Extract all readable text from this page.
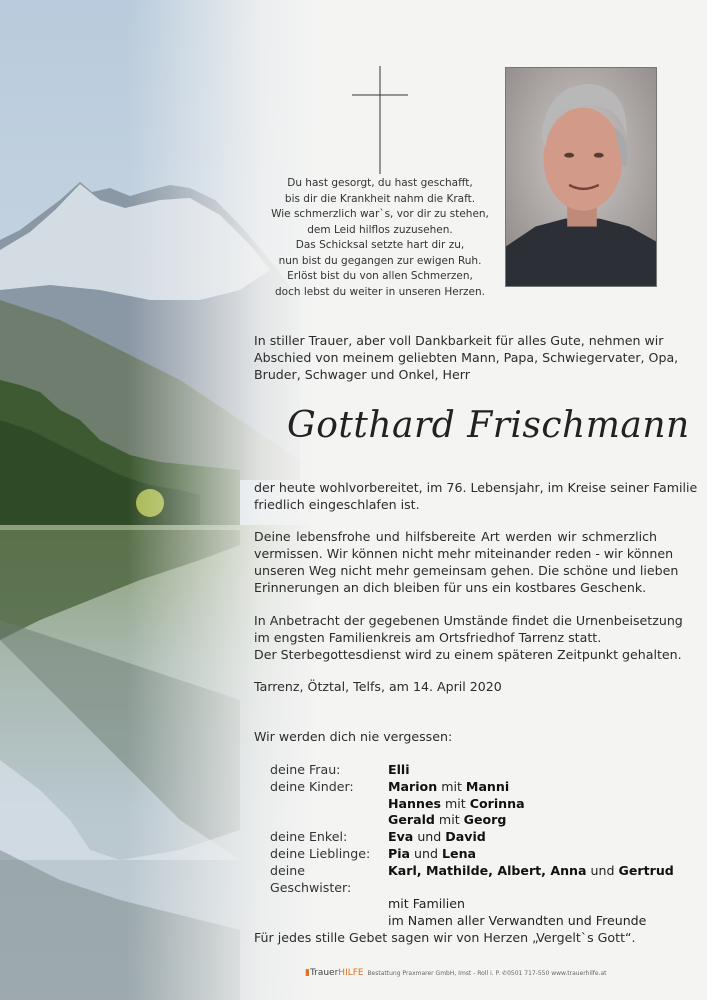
Du hast gesorgt, du hast geschafft,
bis dir die Krankheit nahm die Kraft.
Wie schmerzlich war`s, vor dir zu stehen,
dem Leid hilflos zuzusehen.
Das Schicksal setzte hart dir zu,
nun bist du gegangen zur ewigen Ruh.
Erlöst bist du von allen Schmerzen,
doch lebst du weiter in unseren Herzen.
In stiller Trauer, aber voll Dankbarkeit für alles Gute, nehmen wir
Abschied von meinem geliebten Mann, Papa, Schwiegervater, Opa,
Bruder, Schwager und Onkel, Herr
Gotthard Frischmann
der heute wohlvorbereitet, im 76. Lebensjahr, im Kreise seiner Familie
friedlich eingeschlafen ist.
Deine lebensfrohe und hilfsbereite Art werden wir schmerzlich
vermissen. Wir können nicht mehr miteinander reden - wir können
unseren Weg nicht mehr gemeinsam gehen. Die schöne und lieben
Erinnerungen an dich bleiben für uns ein kostbares Geschenk.
In Anbetracht der gegebenen Umstände findet die Urnenbeisetzung
im engsten Familienkreis am Ortsfriedhof Tarrenz statt.
Der Sterbegottesdienst wird zu einem späteren Zeitpunkt gehalten.
Tarrenz, Ötztal, Telfs, am 14. April 2020
Wir werden dich nie vergessen:
deine Frau:	Elli
deine Kinder:	Marion mit Manni
Hannes mit Corinna
Gerald mit Georg
deine Enkel:	Eva und David
deine Lieblinge:	Pia und Lena
deine Geschwister:
Karl, Mathilde, Albert, Anna und Gertrud
mit Familien
im Namen aller Verwandten und Freunde
Für jedes stille Gebet sagen wir von Herzen „Vergelt`s Gott“.
▮TrauerHILFE Bestattung Praxmarer GmbH, Imst - Roll i. P. ✆0501 717-550 www.trauerhilfe.at
